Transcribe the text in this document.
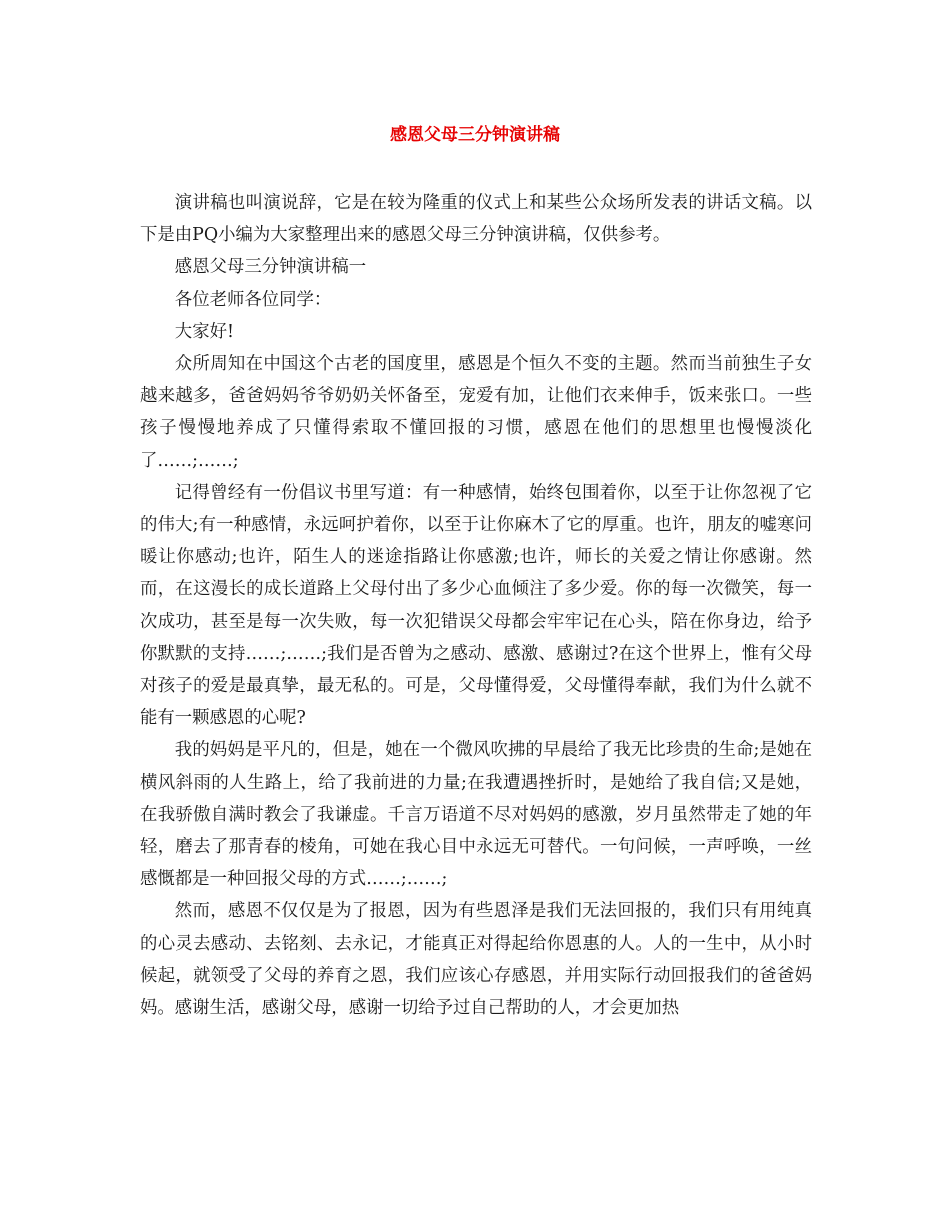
感恩父母三分钟演讲稿

演讲稿也叫演说辞，它是在较为隆重的仪式上和某些公众场所发表的讲话文稿。以下是由PQ小编为大家整理出来的感恩父母三分钟演讲稿，仅供参考。

感恩父母三分钟演讲稿一

各位老师各位同学：

大家好!

众所周知在中国这个古老的国度里，感恩是个恒久不变的主题。然而当前独生子女越来越多，爸爸妈妈爷爷奶奶关怀备至，宠爱有加，让他们衣来伸手，饭来张口。一些孩子慢慢地养成了只懂得索取不懂回报的习惯，感恩在他们的思想里也慢慢淡化了……;……;

记得曾经有一份倡议书里写道：有一种感情，始终包围着你，以至于让你忽视了它的伟大;有一种感情，永远呵护着你，以至于让你麻木了它的厚重。也许，朋友的嘘寒问暖让你感动;也许，陌生人的迷途指路让你感激;也许，师长的关爱之情让你感谢。然而，在这漫长的成长道路上父母付出了多少心血倾注了多少爱。你的每一次微笑，每一次成功，甚至是每一次失败，每一次犯错误父母都会牢牢记在心头，陪在你身边，给予你默默的支持……;……;我们是否曾为之感动、感激、感谢过?在这个世界上，惟有父母对孩子的爱是最真挚，最无私的。可是，父母懂得爱，父母懂得奉献，我们为什么就不能有一颗感恩的心呢?

我的妈妈是平凡的，但是，她在一个微风吹拂的早晨给了我无比珍贵的生命;是她在横风斜雨的人生路上，给了我前进的力量;在我遭遇挫折时，是她给了我自信;又是她，在我骄傲自满时教会了我谦虚。千言万语道不尽对妈妈的感激，岁月虽然带走了她的年轻，磨去了那青春的棱角，可她在我心目中永远无可替代。一句问候，一声呼唤，一丝感慨都是一种回报父母的方式……;……;

然而，感恩不仅仅是为了报恩，因为有些恩泽是我们无法回报的，我们只有用纯真的心灵去感动、去铭刻、去永记，才能真正对得起给你恩惠的人。人的一生中，从小时候起，就领受了父母的养育之恩，我们应该心存感恩，并用实际行动回报我们的爸爸妈妈。感谢生活，感谢父母，感谢一切给予过自己帮助的人，才会更加热
